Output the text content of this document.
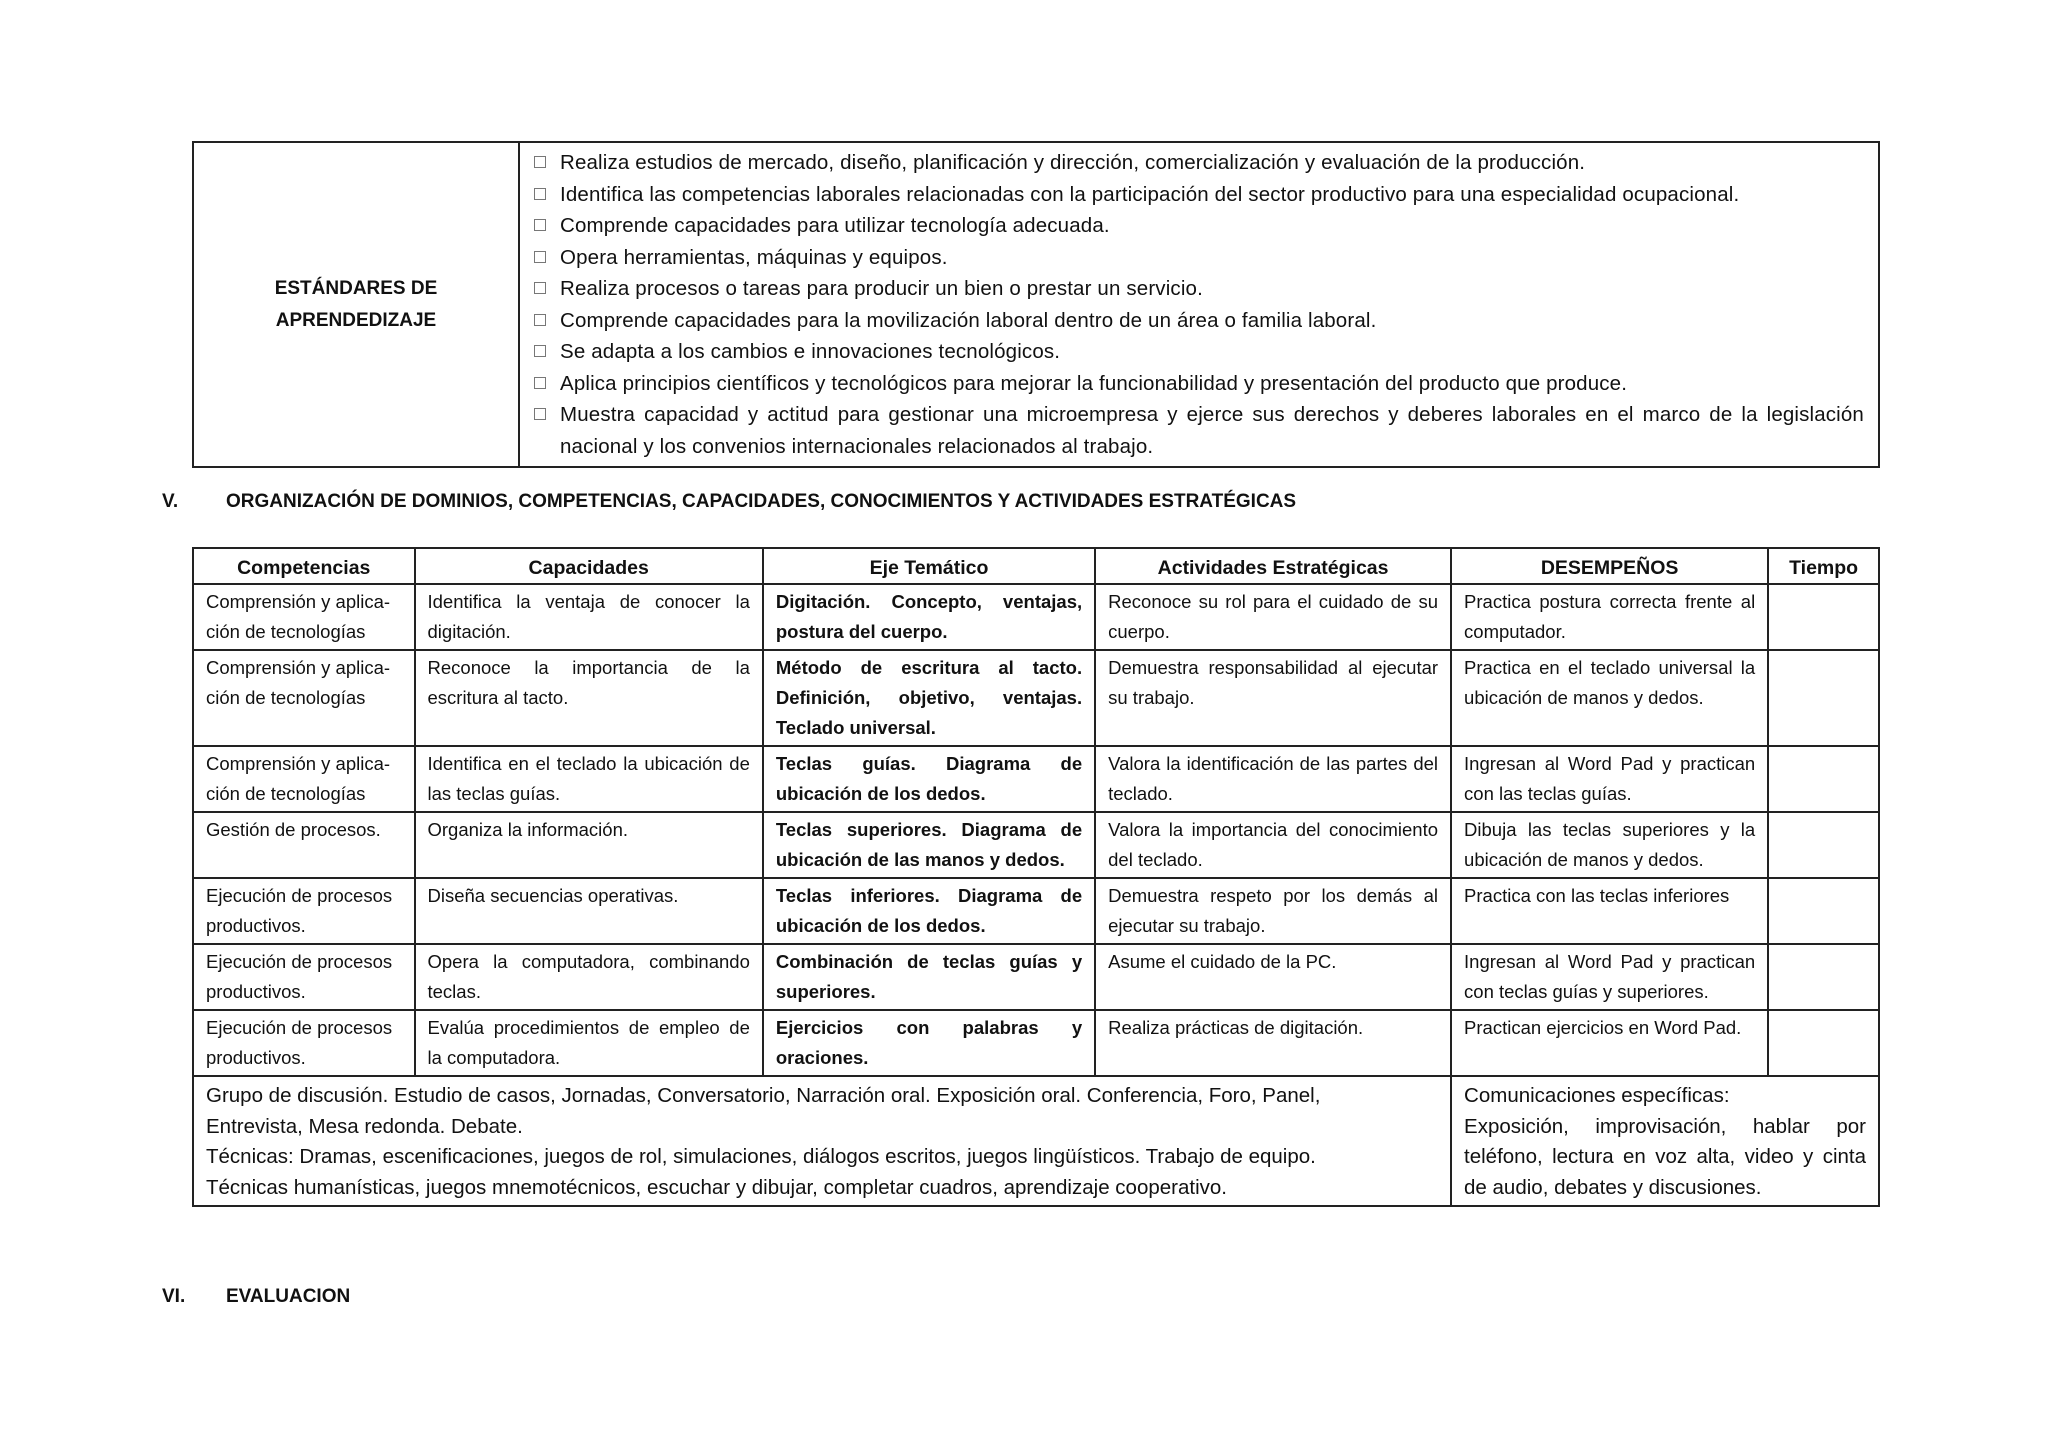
ESTÁNDARES DE
APRENDEDIZAJE

Realiza estudios de mercado, diseño, planificación y dirección, comercialización y evaluación de la producción.
Identifica las competencias laborales relacionadas con la participación del sector productivo para una especialidad ocupacional.
Comprende capacidades para utilizar tecnología adecuada.
Opera herramientas, máquinas y equipos.
Realiza procesos o tareas para producir un bien o prestar un servicio.
Comprende capacidades para la movilización laboral dentro de un área o familia laboral.
Se adapta a los cambios e innovaciones tecnológicos.
Aplica principios científicos y tecnológicos para mejorar la funcionabilidad y presentación del producto que produce.
Muestra capacidad y actitud para gestionar una microempresa y ejerce sus derechos y deberes laborales en el marco de la legislación nacional y los convenios internacionales relacionados al trabajo.
V.	ORGANIZACIÓN DE DOMINIOS, COMPETENCIAS, CAPACIDADES, CONOCIMIENTOS Y ACTIVIDADES ESTRATÉGICAS
Competencias	Capacidades	Eje Temático	Actividades Estratégicas	DESEMPEÑOS	Tiempo

Comprensión y aplica-
ción de tecnologías	Identifica la ventaja de conocer la digitación.	Digitación. Concepto, ventajas, postura del cuerpo.	Reconoce su rol para el cuidado de su cuerpo.	Practica postura correcta frente al computador.	

Comprensión y aplica-
ción de tecnologías	Reconoce la importancia de la escritura al tacto.	Método de escritura al tacto. Definición, objetivo, ventajas. Teclado universal.	Demuestra responsabilidad al ejecutar su trabajo.	Practica en el teclado universal la ubicación de manos y dedos.	

Comprensión y aplica-
ción de tecnologías	Identifica en el teclado la ubicación de las teclas guías.	Teclas guías. Diagrama de ubicación de los dedos.	Valora la identificación de las partes del teclado.	Ingresan al Word Pad y practican con las teclas guías.	

Gestión de procesos.	Organiza la información.	Teclas superiores. Diagrama de ubicación de las manos y dedos.	Valora la importancia del conocimiento del teclado.	Dibuja las teclas superiores y la ubicación de manos y dedos.	

Ejecución de procesos
productivos.	Diseña secuencias operativas.	Teclas inferiores. Diagrama de ubicación de los dedos.	Demuestra respeto por los demás al ejecutar su trabajo.	Practica con las teclas inferiores	

Ejecución de procesos
productivos.	Opera la computadora, combinando teclas.	Combinación de teclas guías y superiores.	Asume el cuidado de la PC.	Ingresan al Word Pad y practican con teclas guías y superiores.	

Ejecución de procesos
productivos.	Evalúa procedimientos de empleo de la computadora.	Ejercicios con palabras y oraciones.	Realiza prácticas de digitación.	Practican ejercicios en Word Pad.	

Grupo de discusión. Estudio de casos, Jornadas, Conversatorio, Narración oral. Exposición oral. Conferencia, Foro, Panel,
Entrevista, Mesa redonda. Debate.
Técnicas: Dramas, escenificaciones, juegos de rol, simulaciones, diálogos escritos, juegos lingüísticos. Trabajo de equipo.
Técnicas humanísticas, juegos mnemotécnicos, escuchar y dibujar, completar cuadros, aprendizaje cooperativo.				Comunicaciones específicas:
Exposición, improvisación, hablar por teléfono, lectura en voz alta, video y cinta de audio, debates y discusiones.	
VI.	EVALUACION
